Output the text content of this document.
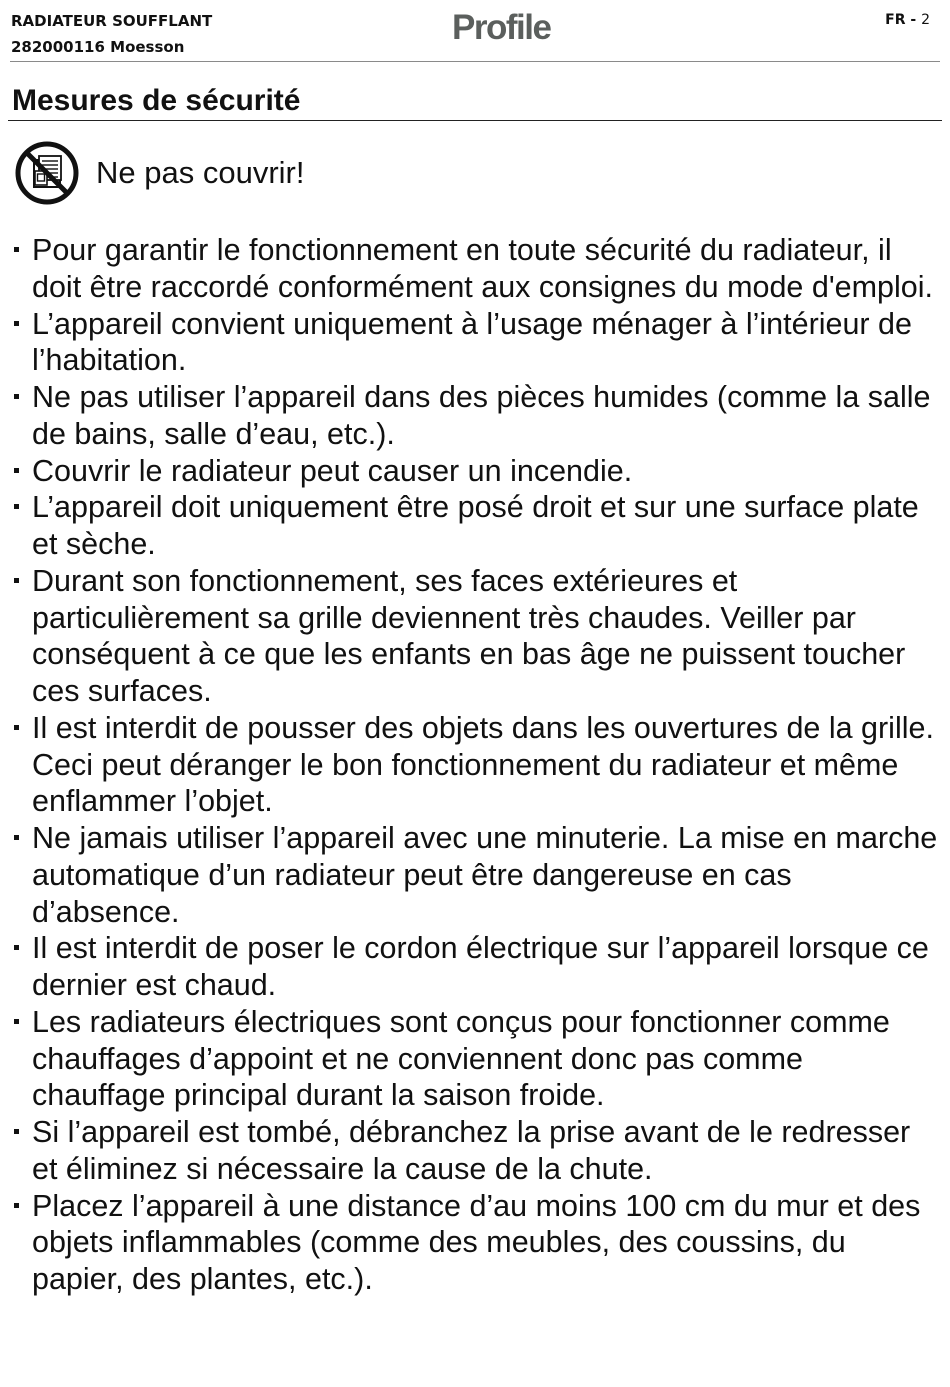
RADIATEUR SOUFFLANT
282000116 Moesson	Profile	FR - 2
Mesures de sécurité
Ne pas couvrir!
Pour garantir le fonctionnement en toute sécurité du radiateur, il doit être raccordé conformément aux consignes du mode d'emploi.
L’appareil convient uniquement à l’usage ménager à l’intérieur de l’habitation.
Ne pas utiliser l’appareil dans des pièces humides (comme la salle de bains, salle d’eau, etc.).
Couvrir le radiateur peut causer un incendie.
L’appareil doit uniquement être posé droit et sur une surface plate et sèche.
Durant son fonctionnement, ses faces extérieures et particulièrement sa grille deviennent très chaudes. Veiller par conséquent à ce que les enfants en bas âge ne puissent toucher ces surfaces.
Il est interdit de pousser des objets dans les ouvertures de la grille. Ceci peut déranger le bon fonctionnement du radiateur et même enflammer l’objet.
Ne jamais utiliser l’appareil avec une minuterie. La mise en marche automatique d’un radiateur peut être dangereuse en cas d’absence.
Il est interdit de poser le cordon électrique sur l’appareil lorsque ce dernier est chaud.
Les radiateurs électriques sont conçus pour fonctionner comme chauffages d’appoint et ne conviennent donc pas comme chauffage principal durant la saison froide.
Si l’appareil est tombé, débranchez la prise avant de le redresser et éliminez si nécessaire la cause de la chute.
Placez l’appareil à une distance d’au moins 100 cm du mur et des objets inflammables (comme des meubles, des coussins, du papier, des plantes, etc.).
